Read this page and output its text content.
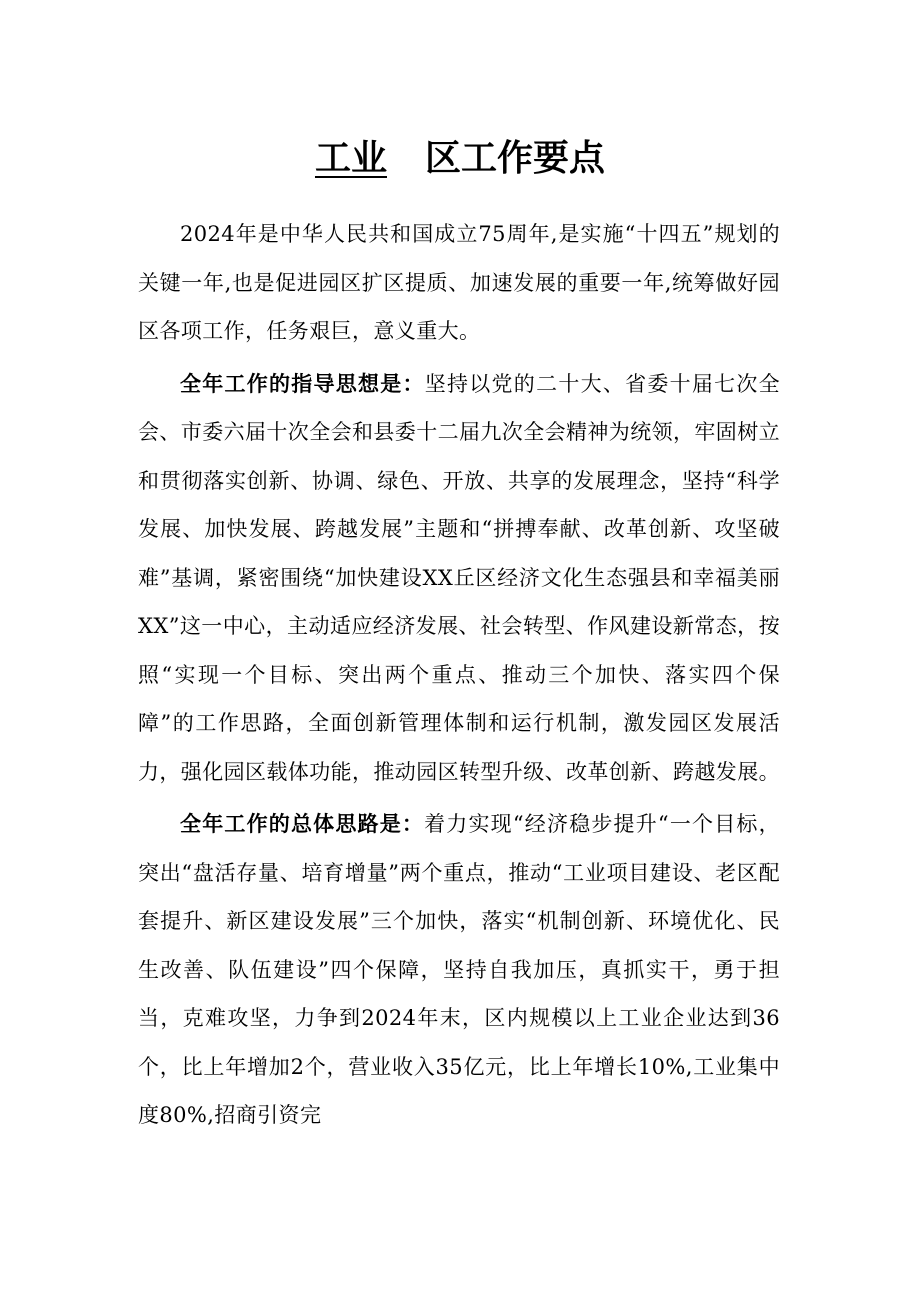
工业 区工作要点

2024年是中华人民共和国成立75周年,是实施“十四五”规划的关键一年,也是促进园区扩区提质、加速发展的重要一年,统筹做好园区各项工作，任务艰巨，意义重大。

全年工作的指导思想是：坚持以党的二十大、省委十届七次全会、市委六届十次全会和县委十二届九次全会精神为统领，牢固树立和贯彻落实创新、协调、绿色、开放、共享的发展理念，坚持“科学发展、加快发展、跨越发展”主题和“拼搏奉献、改革创新、攻坚破难”基调，紧密围绕“加快建设XX丘区经济文化生态强县和幸福美丽XX”这一中心，主动适应经济发展、社会转型、作风建设新常态，按照“实现一个目标、突出两个重点、推动三个加快、落实四个保障”的工作思路，全面创新管理体制和运行机制，激发园区发展活力，强化园区载体功能，推动园区转型升级、改革创新、跨越发展。

全年工作的总体思路是：着力实现“经济稳步提升“一个目标，突出“盘活存量、培育增量”两个重点，推动“工业项目建设、老区配套提升、新区建设发展”三个加快，落实“机制创新、环境优化、民生改善、队伍建设”四个保障，坚持自我加压，真抓实干，勇于担当，克难攻坚，力争到2024年末，区内规模以上工业企业达到36个，比上年增加2个，营业收入35亿元，比上年增长10%,工业集中度80%,招商引资完
